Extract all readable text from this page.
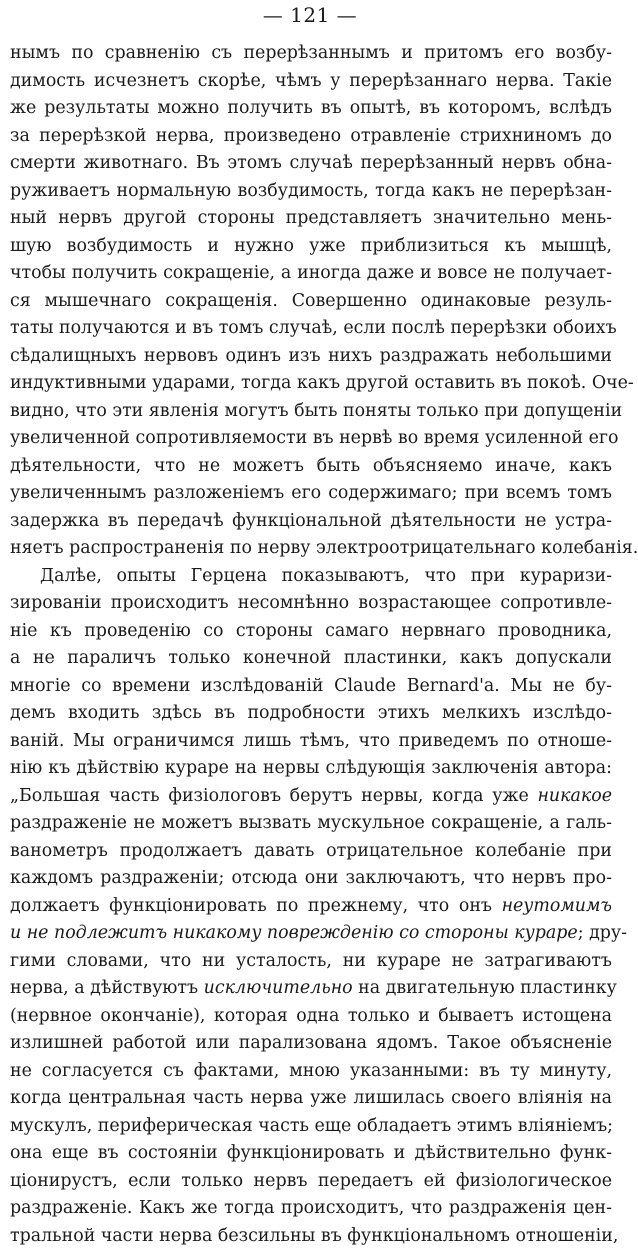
— 121 —
нымъ по сравненію съ перерѣзаннымъ и притомъ его возбу-
димость исчезнетъ скорѣе, чѣмъ у перерѣзаннаго нерва. Такіе
же результаты можно получить въ опытѣ, въ которомъ, вслѣдъ
за перерѣзкой нерва, произведено отравленіе стрихниномъ до
смерти животнаго. Въ этомъ случаѣ перерѣзанный нервъ обна-
руживаетъ нормальную возбудимость, тогда какъ не перерѣзан-
ный нервъ другой стороны представляетъ значительно мень-
шую возбудимость и нужно уже приблизиться къ мышцѣ,
чтобы получить сокращеніе, а иногда даже и вовсе не получает-
ся мышечнаго сокращенія. Совершенно одинаковые резуль-
таты получаются и въ томъ случаѣ, если послѣ перерѣзки обоихъ
сѣдалищныхъ нервовъ одинъ изъ нихъ раздражать небольшими
индуктивными ударами, тогда какъ другой оставить въ покоѣ. Оче-
видно, что эти явленія могутъ быть поняты только при допущеніи
увеличенной сопротивляемости въ нервѣ во время усиленной его
дѣятельности, что не можетъ быть объясняемо иначе, какъ
увеличеннымъ разложеніемъ его содержимаго; при всемъ томъ
задержка въ передачѣ функціональной дѣятельности не устра-
няетъ распространенія по нерву электроотрицательнаго колебанія.
Далѣе, опыты Герцена показываютъ, что при кураризи-
зированіи происходитъ несомнѣнно возрастающее сопротивле-
ніе къ проведенію со стороны самаго нервнаго проводника,
а не параличъ только конечной пластинки, какъ допускали
многіе со времени изслѣдованій Claude Bernard'а. Мы не бу-
демъ входить здѣсь въ подробности этихъ мелкихъ изслѣдо-
ваній. Мы ограничимся лишь тѣмъ, что приведемъ по отноше-
нію къ дѣйствію кураре на нервы слѣдующія заключенія автора:
„Большая часть физіологовъ берутъ нервы, когда уже никакое
раздраженіе не можетъ вызвать мускульное сокращеніе, а галь-
ванометръ продолжаетъ давать отрицательное колебаніе при
каждомъ раздраженіи; отсюда они заключаютъ, что нервъ про-
должаетъ функціонировать по прежнему, что онъ неутомимъ
и не подлежитъ никакому поврежденію со стороны кураре; дру-
гими словами, что ни усталость, ни кураре не затрагиваютъ
нерва, а дѣйствуютъ исключительно на двигательную пластинку
(нервное окончаніе), которая одна только и бываетъ истощена
излишней работой или парализована ядомъ. Такое объясненіе
не согласуется съ фактами, мною указанными: въ ту минуту,
когда центральная часть нерва уже лишилась своего вліянія на
мускулъ, периферическая часть еще обладаетъ этимъ вліяніемъ;
она еще въ состояніи функціонировать и дѣйствительно функ-
ціонирустъ, если только нервъ передаетъ ей физіологическое
раздраженіе. Какъ же тогда происходитъ, что раздраженія цен-
тральной части нерва безсильны въ функціональномъ отношеніи,
